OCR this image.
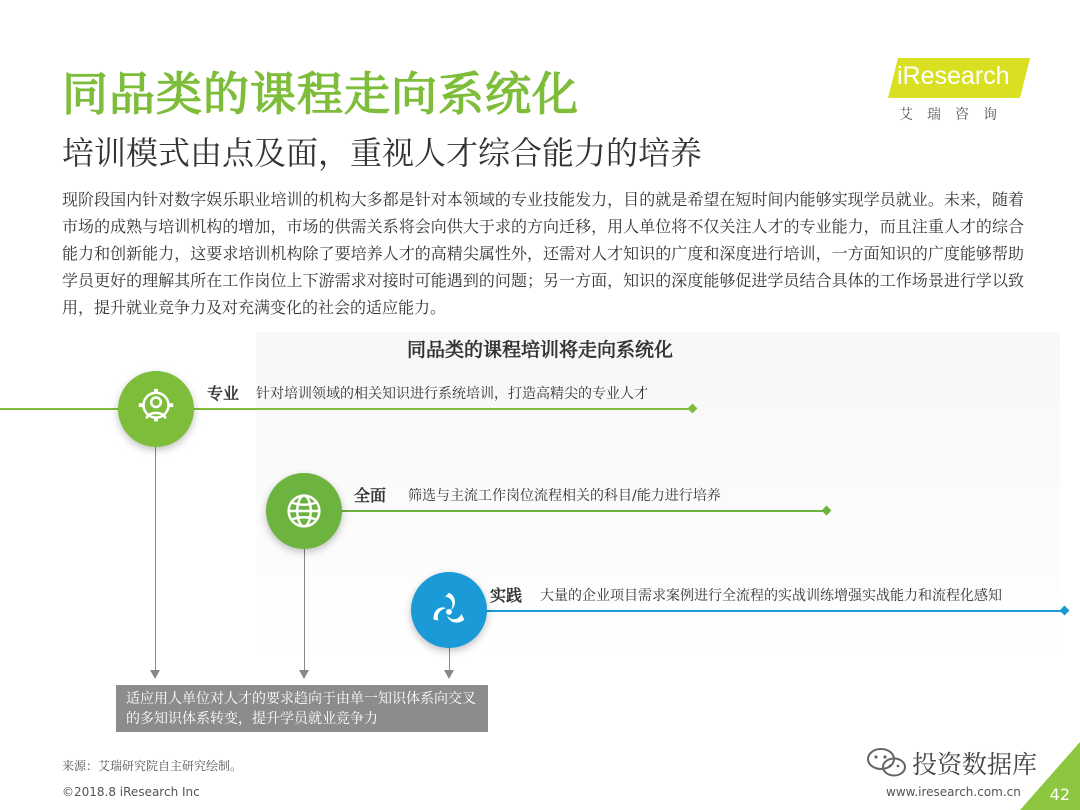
同品类的课程走向系统化
培训模式由点及面，重视人才综合能力的培养
iResearch
艾瑞咨询
现阶段国内针对数字娱乐职业培训的机构大多都是针对本领域的专业技能发力，目的就是希望在短时间内能够实现学员就业。未来，随着市场的成熟与培训机构的增加，市场的供需关系将会向供大于求的方向迁移，用人单位将不仅关注人才的专业能力，而且注重人才的综合能力和创新能力，这要求培训机构除了要培养人才的高精尖属性外，还需对人才知识的广度和深度进行培训，一方面知识的广度能够帮助学员更好的理解其所在工作岗位上下游需求对接时可能遇到的问题；另一方面，知识的深度能够促进学员结合具体的工作场景进行学以致用，提升就业竞争力及对充满变化的社会的适应能力。
同品类的课程培训将走向系统化
专业 针对培训领域的相关知识进行系统培训，打造高精尖的专业人才
全面 筛选与主流工作岗位流程相关的科目/能力进行培养
实践 大量的企业项目需求案例进行全流程的实战训练增强实战能力和流程化感知
适应用人单位对人才的要求趋向于由单一知识体系向交叉的多知识体系转变，提升学员就业竞争力
来源：艾瑞研究院自主研究绘制。
©2018.8 iResearch Inc	www.iresearch.com.cn
投资数据库
42
